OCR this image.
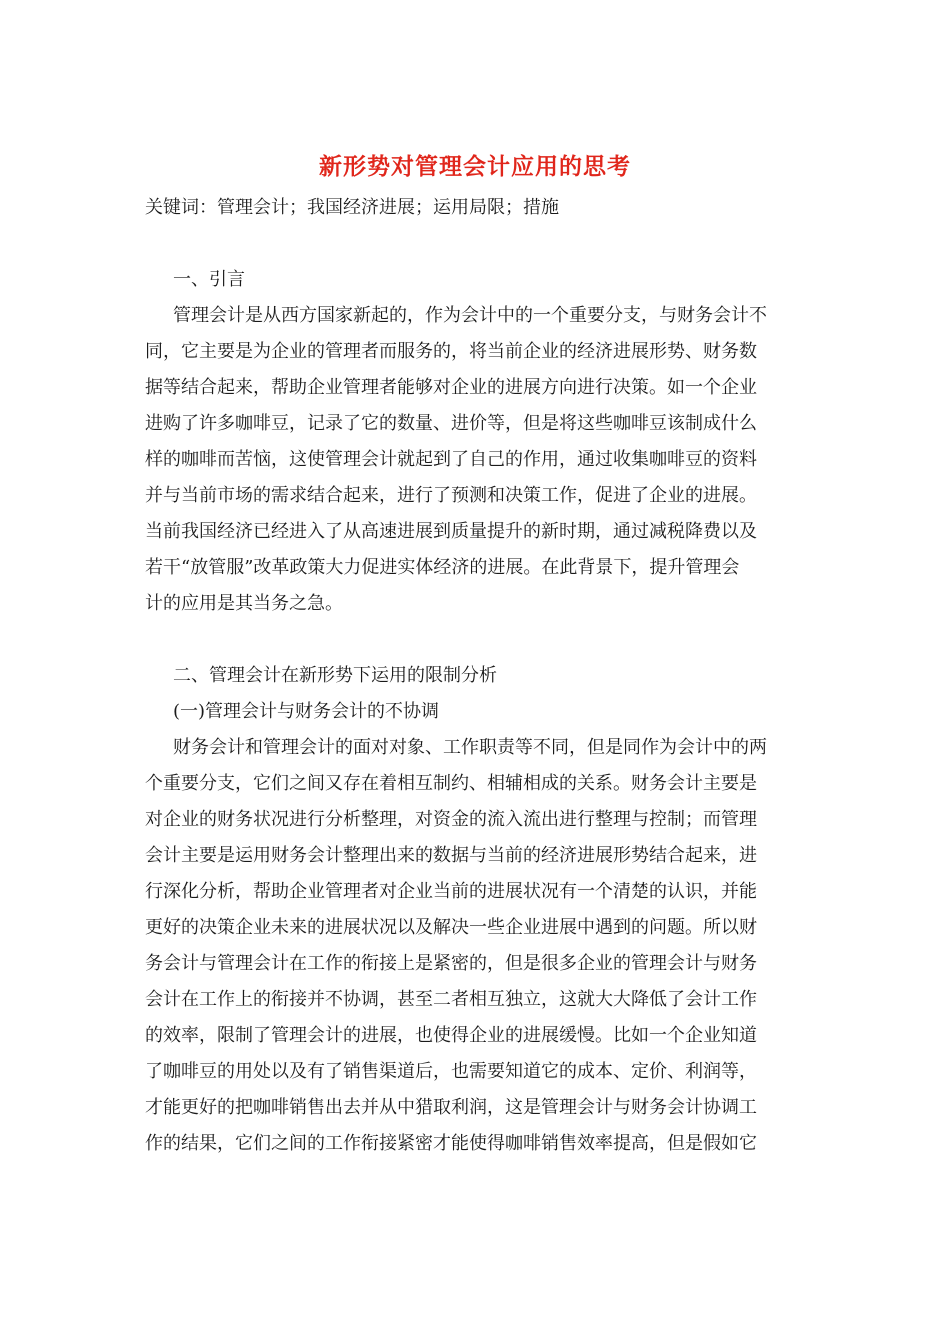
新形势对管理会计应用的思考

关键词：管理会计；我国经济进展；运用局限；措施

一、引言

管理会计是从西方国家新起的，作为会计中的一个重要分支，与财务会计不

同，它主要是为企业的管理者而服务的，将当前企业的经济进展形势、财务数

据等结合起来，帮助企业管理者能够对企业的进展方向进行决策。如一个企业

进购了许多咖啡豆，记录了它的数量、进价等，但是将这些咖啡豆该制成什么

样的咖啡而苦恼，这使管理会计就起到了自己的作用，通过收集咖啡豆的资料

并与当前市场的需求结合起来，进行了预测和决策工作，促进了企业的进展。

当前我国经济已经进入了从高速进展到质量提升的新时期，通过减税降费以及

若干“放管服”改革政策大力促进实体经济的进展。在此背景下，提升管理会

计的应用是其当务之急。

二、管理会计在新形势下运用的限制分析

(一)管理会计与财务会计的不协调

财务会计和管理会计的面对对象、工作职责等不同，但是同作为会计中的两

个重要分支，它们之间又存在着相互制约、相辅相成的关系。财务会计主要是

对企业的财务状况进行分析整理，对资金的流入流出进行整理与控制；而管理

会计主要是运用财务会计整理出来的数据与当前的经济进展形势结合起来，进

行深化分析，帮助企业管理者对企业当前的进展状况有一个清楚的认识，并能

更好的决策企业未来的进展状况以及解决一些企业进展中遇到的问题。所以财

务会计与管理会计在工作的衔接上是紧密的，但是很多企业的管理会计与财务

会计在工作上的衔接并不协调，甚至二者相互独立，这就大大降低了会计工作

的效率，限制了管理会计的进展，也使得企业的进展缓慢。比如一个企业知道

了咖啡豆的用处以及有了销售渠道后，也需要知道它的成本、定价、利润等，

才能更好的把咖啡销售出去并从中猎取利润，这是管理会计与财务会计协调工

作的结果，它们之间的工作衔接紧密才能使得咖啡销售效率提高，但是假如它
